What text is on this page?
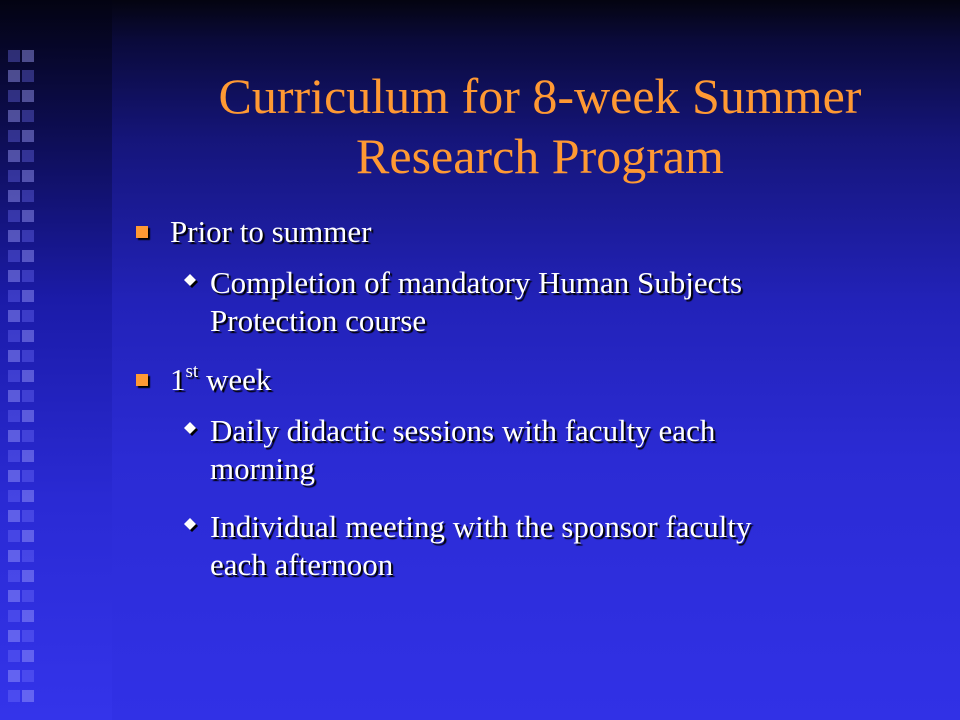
Curriculum for 8-week Summer
Research Program
Prior to summer
Completion of mandatory Human Subjects
Protection course
1st week
Daily didactic sessions with faculty each
morning
Individual meeting with the sponsor faculty
each afternoon
